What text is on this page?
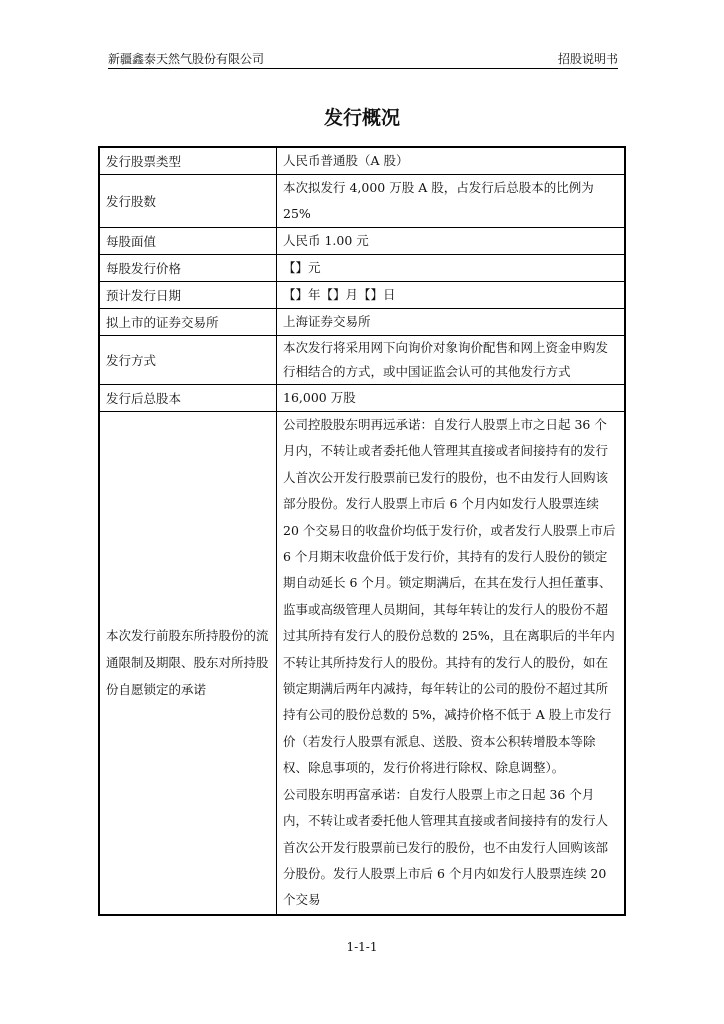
新疆鑫泰天然气股份有限公司	招股说明书
发行概况
发行股票类型	人民币普通股（A 股）
发行股数	本次拟发行 4,000 万股 A 股，占发行后总股本的比例为 25%
每股面值	人民币 1.00 元
每股发行价格	【】元
预计发行日期	【】年【】月【】日
拟上市的证券交易所	上海证券交易所
发行方式	本次发行将采用网下向询价对象询价配售和网上资金申购发行相结合的方式，或中国证监会认可的其他发行方式
发行后总股本	16,000 万股
本次发行前股东所持股份的流通限制及期限、股东对所持股份自愿锁定的承诺	公司控股股东明再远承诺：自发行人股票上市之日起 36 个月内，不转让或者委托他人管理其直接或者间接持有的发行人首次公开发行股票前已发行的股份，也不由发行人回购该部分股份。发行人股票上市后 6 个月内如发行人股票连续 20 个交易日的收盘价均低于发行价，或者发行人股票上市后 6 个月期末收盘价低于发行价，其持有的发行人股份的锁定期自动延长 6 个月。锁定期满后，在其在发行人担任董事、监事或高级管理人员期间，其每年转让的发行人的股份不超过其所持有发行人的股份总数的 25%，且在离职后的半年内不转让其所持发行人的股份。其持有的发行人的股份，如在锁定期满后两年内减持，每年转让的公司的股份不超过其所持有公司的股份总数的 5%，减持价格不低于 A 股上市发行价（若发行人股票有派息、送股、资本公积转增股本等除权、除息事项的，发行价将进行除权、除息调整）。
公司股东明再富承诺：自发行人股票上市之日起 36 个月内，不转让或者委托他人管理其直接或者间接持有的发行人首次公开发行股票前已发行的股份，也不由发行人回购该部分股份。发行人股票上市后 6 个月内如发行人股票连续 20 个交易
1-1-1
